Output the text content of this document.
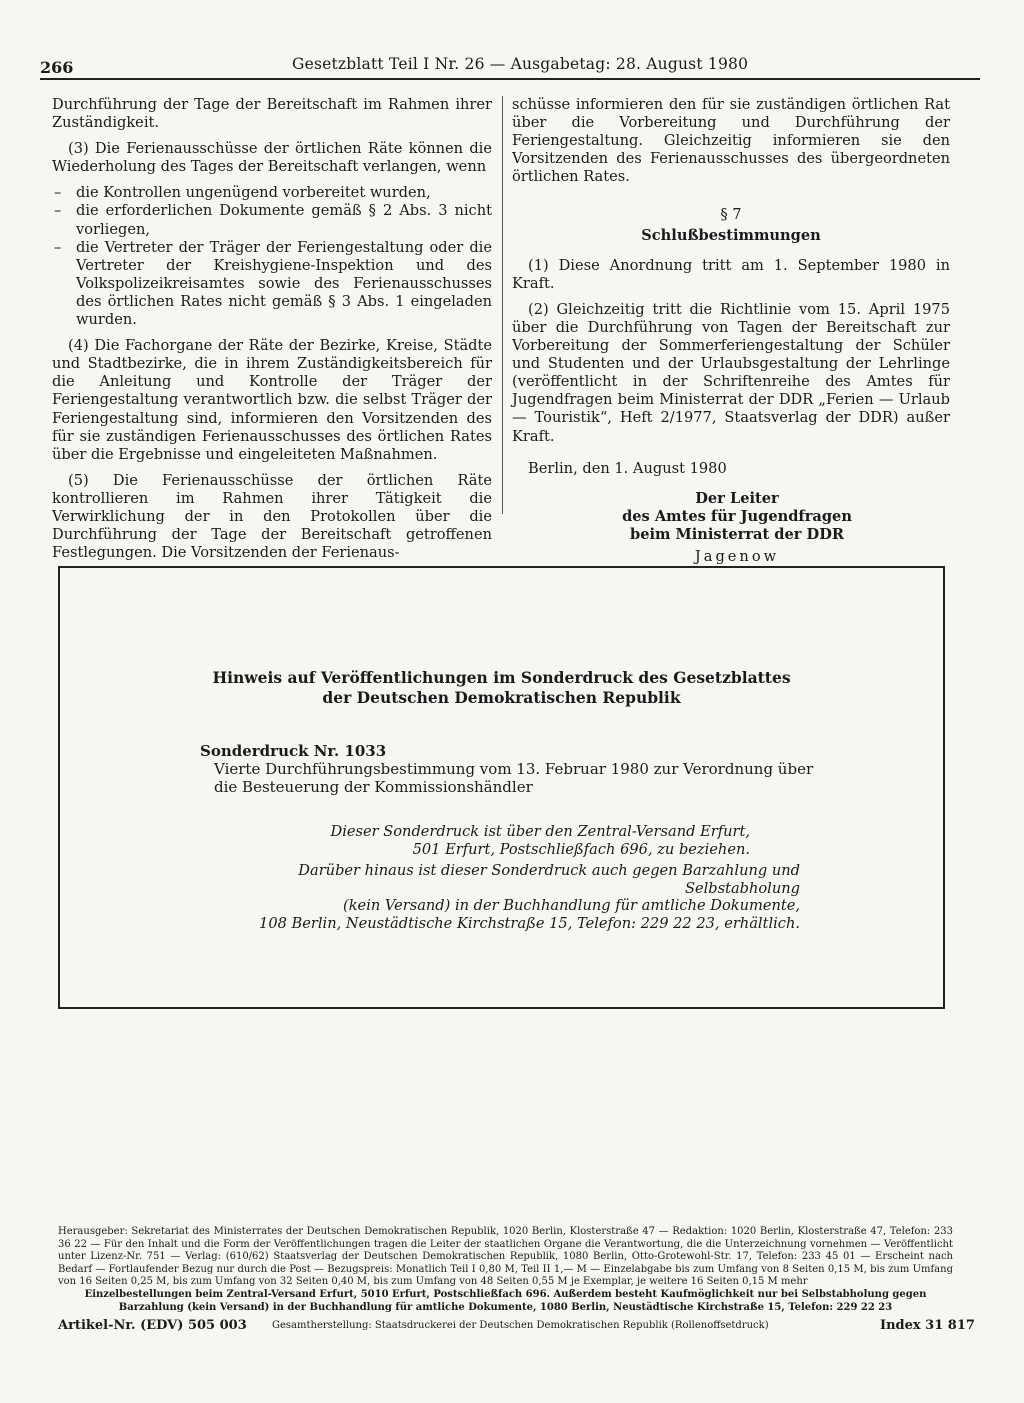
266	Gesetzblatt Teil I Nr. 26 — Ausgabetag: 28. August 1980

Durchführung der Tage der Bereitschaft im Rahmen ihrer Zuständigkeit.

(3) Die Ferienausschüsse der örtlichen Räte können die Wiederholung des Tages der Bereitschaft verlangen, wenn

– die Kontrollen ungenügend vorbereitet wurden,
– die erforderlichen Dokumente gemäß § 2 Abs. 3 nicht vorliegen,
– die Vertreter der Träger der Feriengestaltung oder die Vertreter der Kreishygiene-Inspektion und des Volkspolizeikreisamtes sowie des Ferienausschusses des örtlichen Rates nicht gemäß § 3 Abs. 1 eingeladen wurden.

(4) Die Fachorgane der Räte der Bezirke, Kreise, Städte und Stadtbezirke, die in ihrem Zuständigkeitsbereich für die Anleitung und Kontrolle der Träger der Feriengestaltung verantwortlich bzw. die selbst Träger der Feriengestaltung sind, informieren den Vorsitzenden des für sie zuständigen Ferienausschusses des örtlichen Rates über die Ergebnisse und eingeleiteten Maßnahmen.

(5) Die Ferienausschüsse der örtlichen Räte kontrollieren im Rahmen ihrer Tätigkeit die Verwirklichung der in den Protokollen über die Durchführung der Tage der Bereitschaft getroffenen Festlegungen. Die Vorsitzenden der Ferienaus-

schüsse informieren den für sie zuständigen örtlichen Rat über die Vorbereitung und Durchführung der Feriengestaltung. Gleichzeitig informieren sie den Vorsitzenden des Ferienausschusses des übergeordneten örtlichen Rates.

§ 7

Schlußbestimmungen

(1) Diese Anordnung tritt am 1. September 1980 in Kraft.

(2) Gleichzeitig tritt die Richtlinie vom 15. April 1975 über die Durchführung von Tagen der Bereitschaft zur Vorbereitung der Sommerferiengestaltung der Schüler und Studenten und der Urlaubsgestaltung der Lehrlinge (veröffentlicht in der Schriftenreihe des Amtes für Jugendfragen beim Ministerrat der DDR „Ferien — Urlaub — Touristik“, Heft 2/1977, Staatsverlag der DDR) außer Kraft.

Berlin, den 1. August 1980

Der Leiter
des Amtes für Jugendfragen
beim Ministerrat der DDR
Jagenow
Hinweis auf Veröffentlichungen im Sonderdruck des Gesetzblattes
der Deutschen Demokratischen Republik
Sonderdruck Nr. 1033
Vierte Durchführungsbestimmung vom 13. Februar 1980 zur Verordnung über die Besteuerung der Kommissionshändler
Dieser Sonderdruck ist über den Zentral-Versand Erfurt,
501 Erfurt, Postschließfach 696, zu beziehen.
Darüber hinaus ist dieser Sonderdruck auch gegen Barzahlung und Selbstabholung
(kein Versand) in der Buchhandlung für amtliche Dokumente,
108 Berlin, Neustädtische Kirchstraße 15, Telefon: 229 22 23, erhältlich.
Herausgeber: Sekretariat des Ministerrates der Deutschen Demokratischen Republik, 1020 Berlin, Klosterstraße 47 — Redaktion: 1020 Berlin, Klosterstraße 47, Telefon: 233 36 22 — Für den Inhalt und die Form der Veröffentlichungen tragen die Leiter der staatlichen Organe die Verantwortung, die die Unterzeichnung vornehmen — Veröffentlicht unter Lizenz-Nr. 751 — Verlag: (610/62) Staatsverlag der Deutschen Demokratischen Republik, 1080 Berlin, Otto-Grotewohl-Str. 17, Telefon: 233 45 01 — Erscheint nach Bedarf — Fortlaufender Bezug nur durch die Post — Bezugspreis: Monatlich Teil I 0,80 M, Teil II 1,— M — Einzelabgabe bis zum Umfang von 8 Seiten 0,15 M, bis zum Umfang von 16 Seiten 0,25 M, bis zum Umfang von 32 Seiten 0,40 M, bis zum Umfang von 48 Seiten 0,55 M je Exemplar, je weitere 16 Seiten 0,15 M mehr
Einzelbestellungen beim Zentral-Versand Erfurt, 5010 Erfurt, Postschließfach 696. Außerdem besteht Kaufmöglichkeit nur bei Selbstabholung gegen Barzahlung (kein Versand) in der Buchhandlung für amtliche Dokumente, 1080 Berlin, Neustädtische Kirchstraße 15, Telefon: 229 22 23
Artikel-Nr. (EDV) 505 003	Gesamtherstellung: Staatsdruckerei der Deutschen Demokratischen Republik (Rollenoffsetdruck)	Index 31 817
